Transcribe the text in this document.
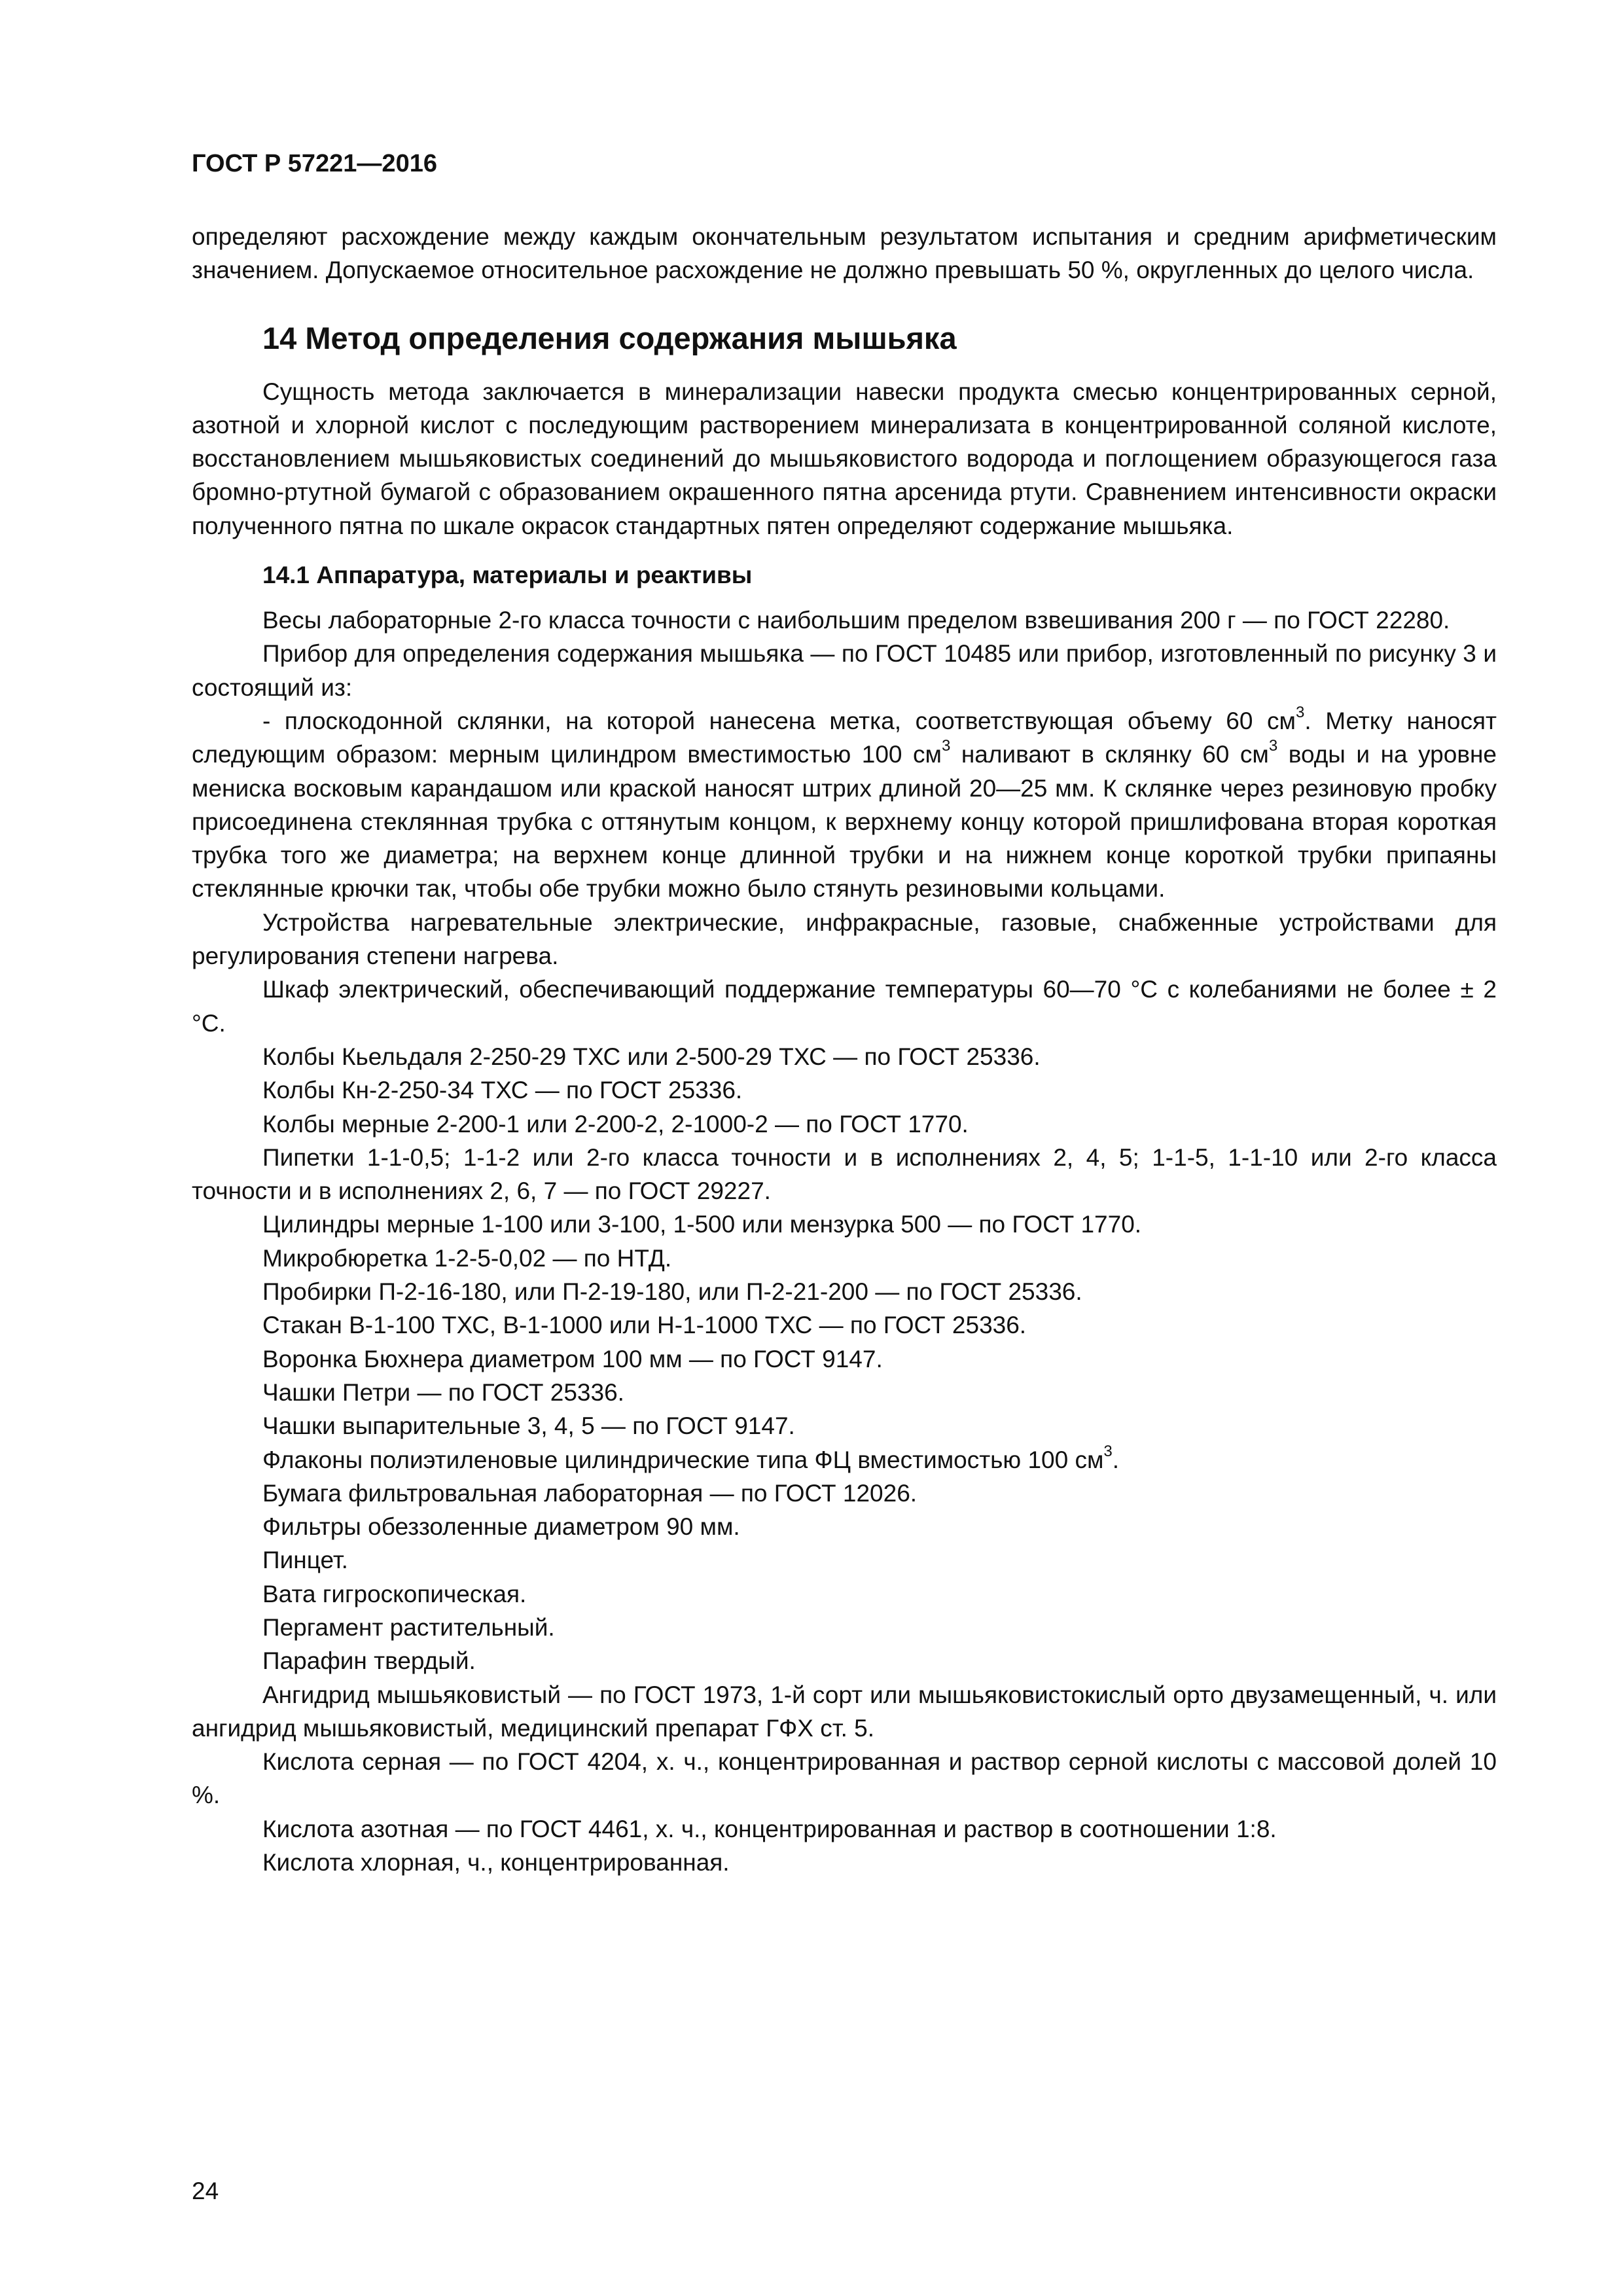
ГОСТ Р 57221—2016

определяют расхождение между каждым окончательным результатом испытания и средним арифметическим значением. Допускаемое относительное расхождение не должно превышать 50 %, округленных до целого числа.

14 Метод определения содержания мышьяка

Сущность метода заключается в минерализации навески продукта смесью концентрированных серной, азотной и хлорной кислот с последующим растворением минерализата в концентрированной соляной кислоте, восстановлением мышьяковистых соединений до мышьяковистого водорода и поглощением образующегося газа бромно-ртутной бумагой с образованием окрашенного пятна арсенида ртути. Сравнением интенсивности окраски полученного пятна по шкале окрасок стандартных пятен определяют содержание мышьяка.

14.1 Аппаратура, материалы и реактивы

Весы лабораторные 2-го класса точности с наибольшим пределом взвешивания 200 г — по ГОСТ 22280.

Прибор для определения содержания мышьяка — по ГОСТ 10485 или прибор, изготовленный по рисунку 3 и состоящий из:

- плоскодонной склянки, на которой нанесена метка, соответствующая объему 60 $см^3$. Метку наносят следующим образом: мерным цилиндром вместимостью 100 $см^3$ наливают в склянку 60 $см^3$ воды и на уровне мениска восковым карандашом или краской наносят штрих длиной 20—25 мм. К склянке через резиновую пробку присоединена стеклянная трубка с оттянутым концом, к верхнему концу которой пришлифована вторая короткая трубка того же диаметра; на верхнем конце длинной трубки и на нижнем конце короткой трубки припаяны стеклянные крючки так, чтобы обе трубки можно было стянуть резиновыми кольцами.

Устройства нагревательные электрические, инфракрасные, газовые, снабженные устройствами для регулирования степени нагрева.

Шкаф электрический, обеспечивающий поддержание температуры 60—70 °С с колебаниями не более ± 2 °С.

Колбы Кьельдаля 2-250-29 ТХС или 2-500-29 ТХС — по ГОСТ 25336.

Колбы Кн-2-250-34 ТХС — по ГОСТ 25336.

Колбы мерные 2-200-1 или 2-200-2, 2-1000-2 — по ГОСТ 1770.

Пипетки 1-1-0,5; 1-1-2 или 2-го класса точности и в исполнениях 2, 4, 5; 1-1-5, 1-1-10 или 2-го класса точности и в исполнениях 2, 6, 7 — по ГОСТ 29227.

Цилиндры мерные 1-100 или 3-100, 1-500 или мензурка 500 — по ГОСТ 1770.

Микробюретка 1-2-5-0,02 — по НТД.

Пробирки П-2-16-180, или П-2-19-180, или П-2-21-200 — по ГОСТ 25336.

Стакан В-1-100 ТХС, В-1-1000 или Н-1-1000 ТХС — по ГОСТ 25336.

Воронка Бюхнера диаметром 100 мм — по ГОСТ 9147.

Чашки Петри — по ГОСТ 25336.

Чашки выпарительные 3, 4, 5 — по ГОСТ 9147.

Флаконы полиэтиленовые цилиндрические типа ФЦ вместимостью 100 $см^3$.

Бумага фильтровальная лабораторная — по ГОСТ 12026.

Фильтры обеззоленные диаметром 90 мм.

Пинцет.

Вата гигроскопическая.

Пергамент растительный.

Парафин твердый.

Ангидрид мышьяковистый — по ГОСТ 1973, 1-й сорт или мышьяковистокислый орто двузамещенный, ч. или ангидрид мышьяковистый, медицинский препарат ГФХ ст. 5.

Кислота серная — по ГОСТ 4204, х. ч., концентрированная и раствор серной кислоты с массовой долей 10 %.

Кислота азотная — по ГОСТ 4461, х. ч., концентрированная и раствор в соотношении 1:8.

Кислота хлорная, ч., концентрированная.

24
